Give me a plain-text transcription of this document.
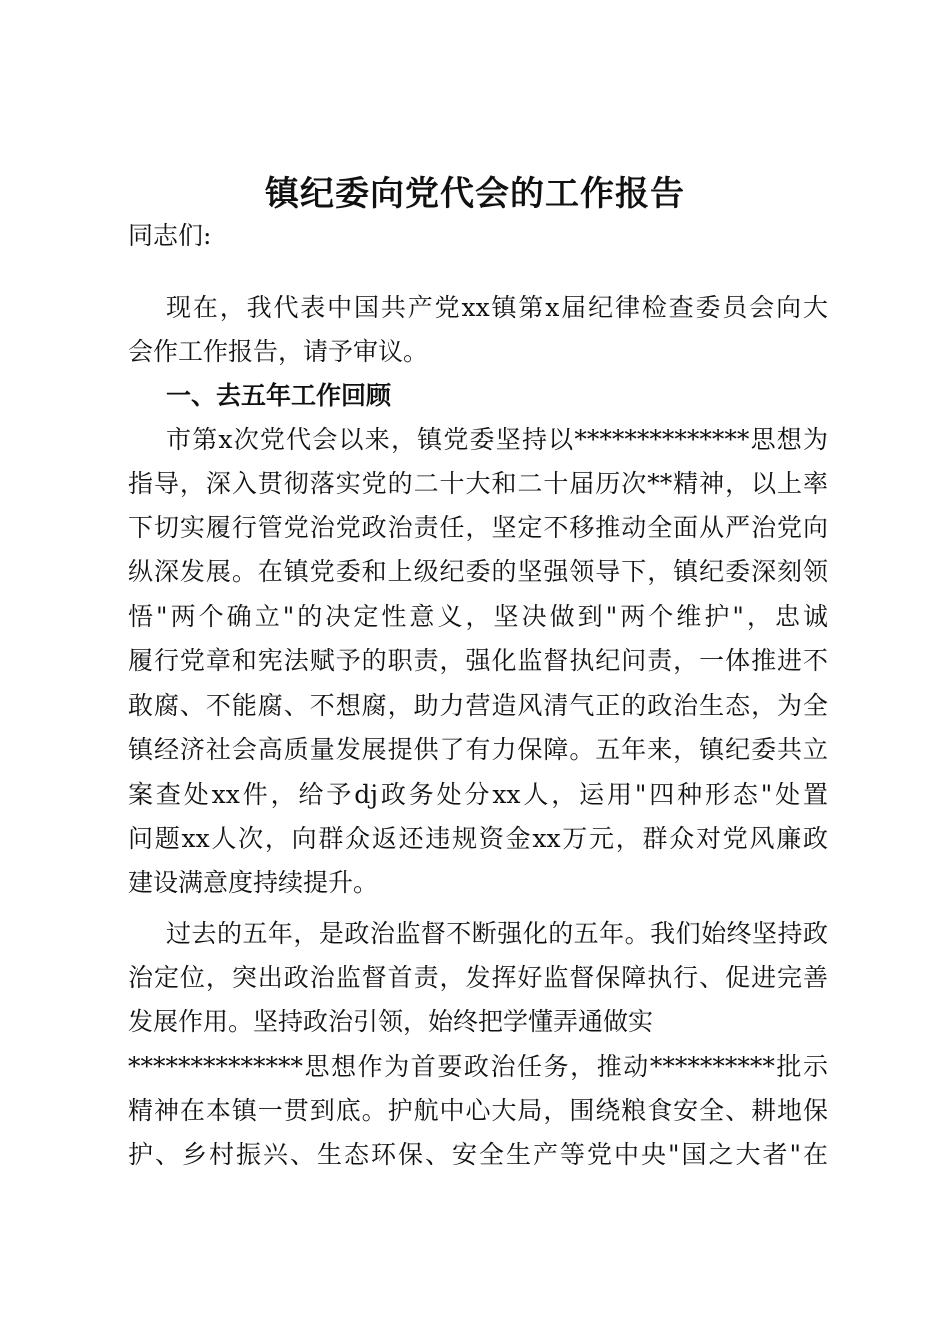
镇纪委向党代会的工作报告
同志们:
现在，我代表中国共产党xx镇第x届纪律检查委员会向大
会作工作报告，请予审议。
一、去五年工作回顾
市第x次党代会以来，镇党委坚持以**************思想为
指导，深入贯彻落实党的二十大和二十届历次**精神，以上率
下切实履行管党治党政治责任，坚定不移推动全面从严治党向
纵深发展。在镇党委和上级纪委的坚强领导下，镇纪委深刻领
悟"两个确立"的决定性意义，坚决做到"两个维护"，忠诚
履行党章和宪法赋予的职责，强化监督执纪问责，一体推进不
敢腐、不能腐、不想腐，助力营造风清气正的政治生态，为全
镇经济社会高质量发展提供了有力保障。五年来，镇纪委共立
案查处xx件，给予dj政务处分xx人，运用"四种形态"处置
问题xx人次，向群众返还违规资金xx万元，群众对党风廉政
建设满意度持续提升。
过去的五年，是政治监督不断强化的五年。我们始终坚持政
治定位，突出政治监督首责，发挥好监督保障执行、促进完善
发展作用。坚持政治引领，始终把学懂弄通做实
**************思想作为首要政治任务，推动**********批示
精神在本镇一贯到底。护航中心大局，围绕粮食安全、耕地保
护、乡村振兴、生态环保、安全生产等党中央"国之大者"在
